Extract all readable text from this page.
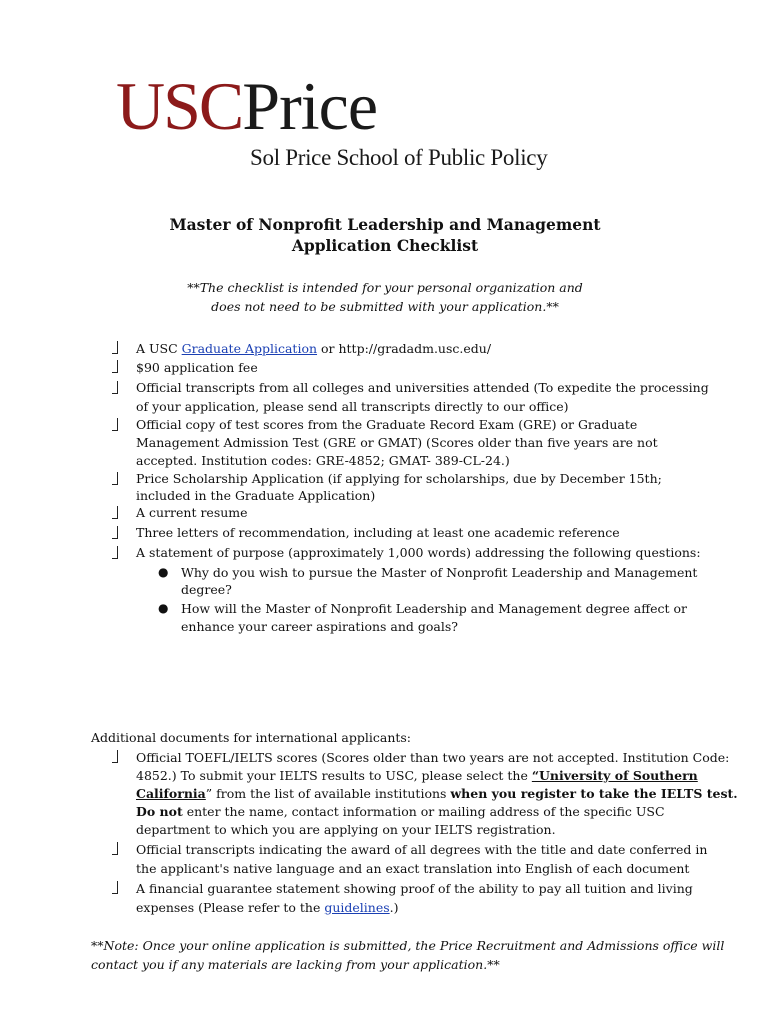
USC Price
Sol Price School of Public Policy
Master of Nonprofit Leadership and Management
Application Checklist
**The checklist is intended for your personal organization and
does not need to be submitted with your application.**
A USC Graduate Application or http://gradadm.usc.edu/
$90 application fee
Official transcripts from all colleges and universities attended (To expedite the processing
of your application, please send all transcripts directly to our office)
Official copy of test scores from the Graduate Record Exam (GRE) or Graduate
Management Admission Test (GRE or GMAT) (Scores older than five years are not
accepted. Institution codes: GRE-4852; GMAT- 389-CL-24.)
Price Scholarship Application (if applying for scholarships, due by December 15th;
included in the Graduate Application)
A current resume
Three letters of recommendation, including at least one academic reference
A statement of purpose (approximately 1,000 words) addressing the following questions:
● Why do you wish to pursue the Master of Nonprofit Leadership and Management
degree?
● How will the Master of Nonprofit Leadership and Management degree affect or
enhance your career aspirations and goals?
Additional documents for international applicants:
Official TOEFL/IELTS scores (Scores older than two years are not accepted. Institution Code:
4852.) To submit your IELTS results to USC, please select the “University of Southern
California” from the list of available institutions when you register to take the IELTS test.
Do not enter the name, contact information or mailing address of the specific USC
department to which you are applying on your IELTS registration.
Official transcripts indicating the award of all degrees with the title and date conferred in
the applicant's native language and an exact translation into English of each document
A financial guarantee statement showing proof of the ability to pay all tuition and living
expenses (Please refer to the guidelines.)
**Note: Once your online application is submitted, the Price Recruitment and Admissions office will
contact you if any materials are lacking from your application.**
